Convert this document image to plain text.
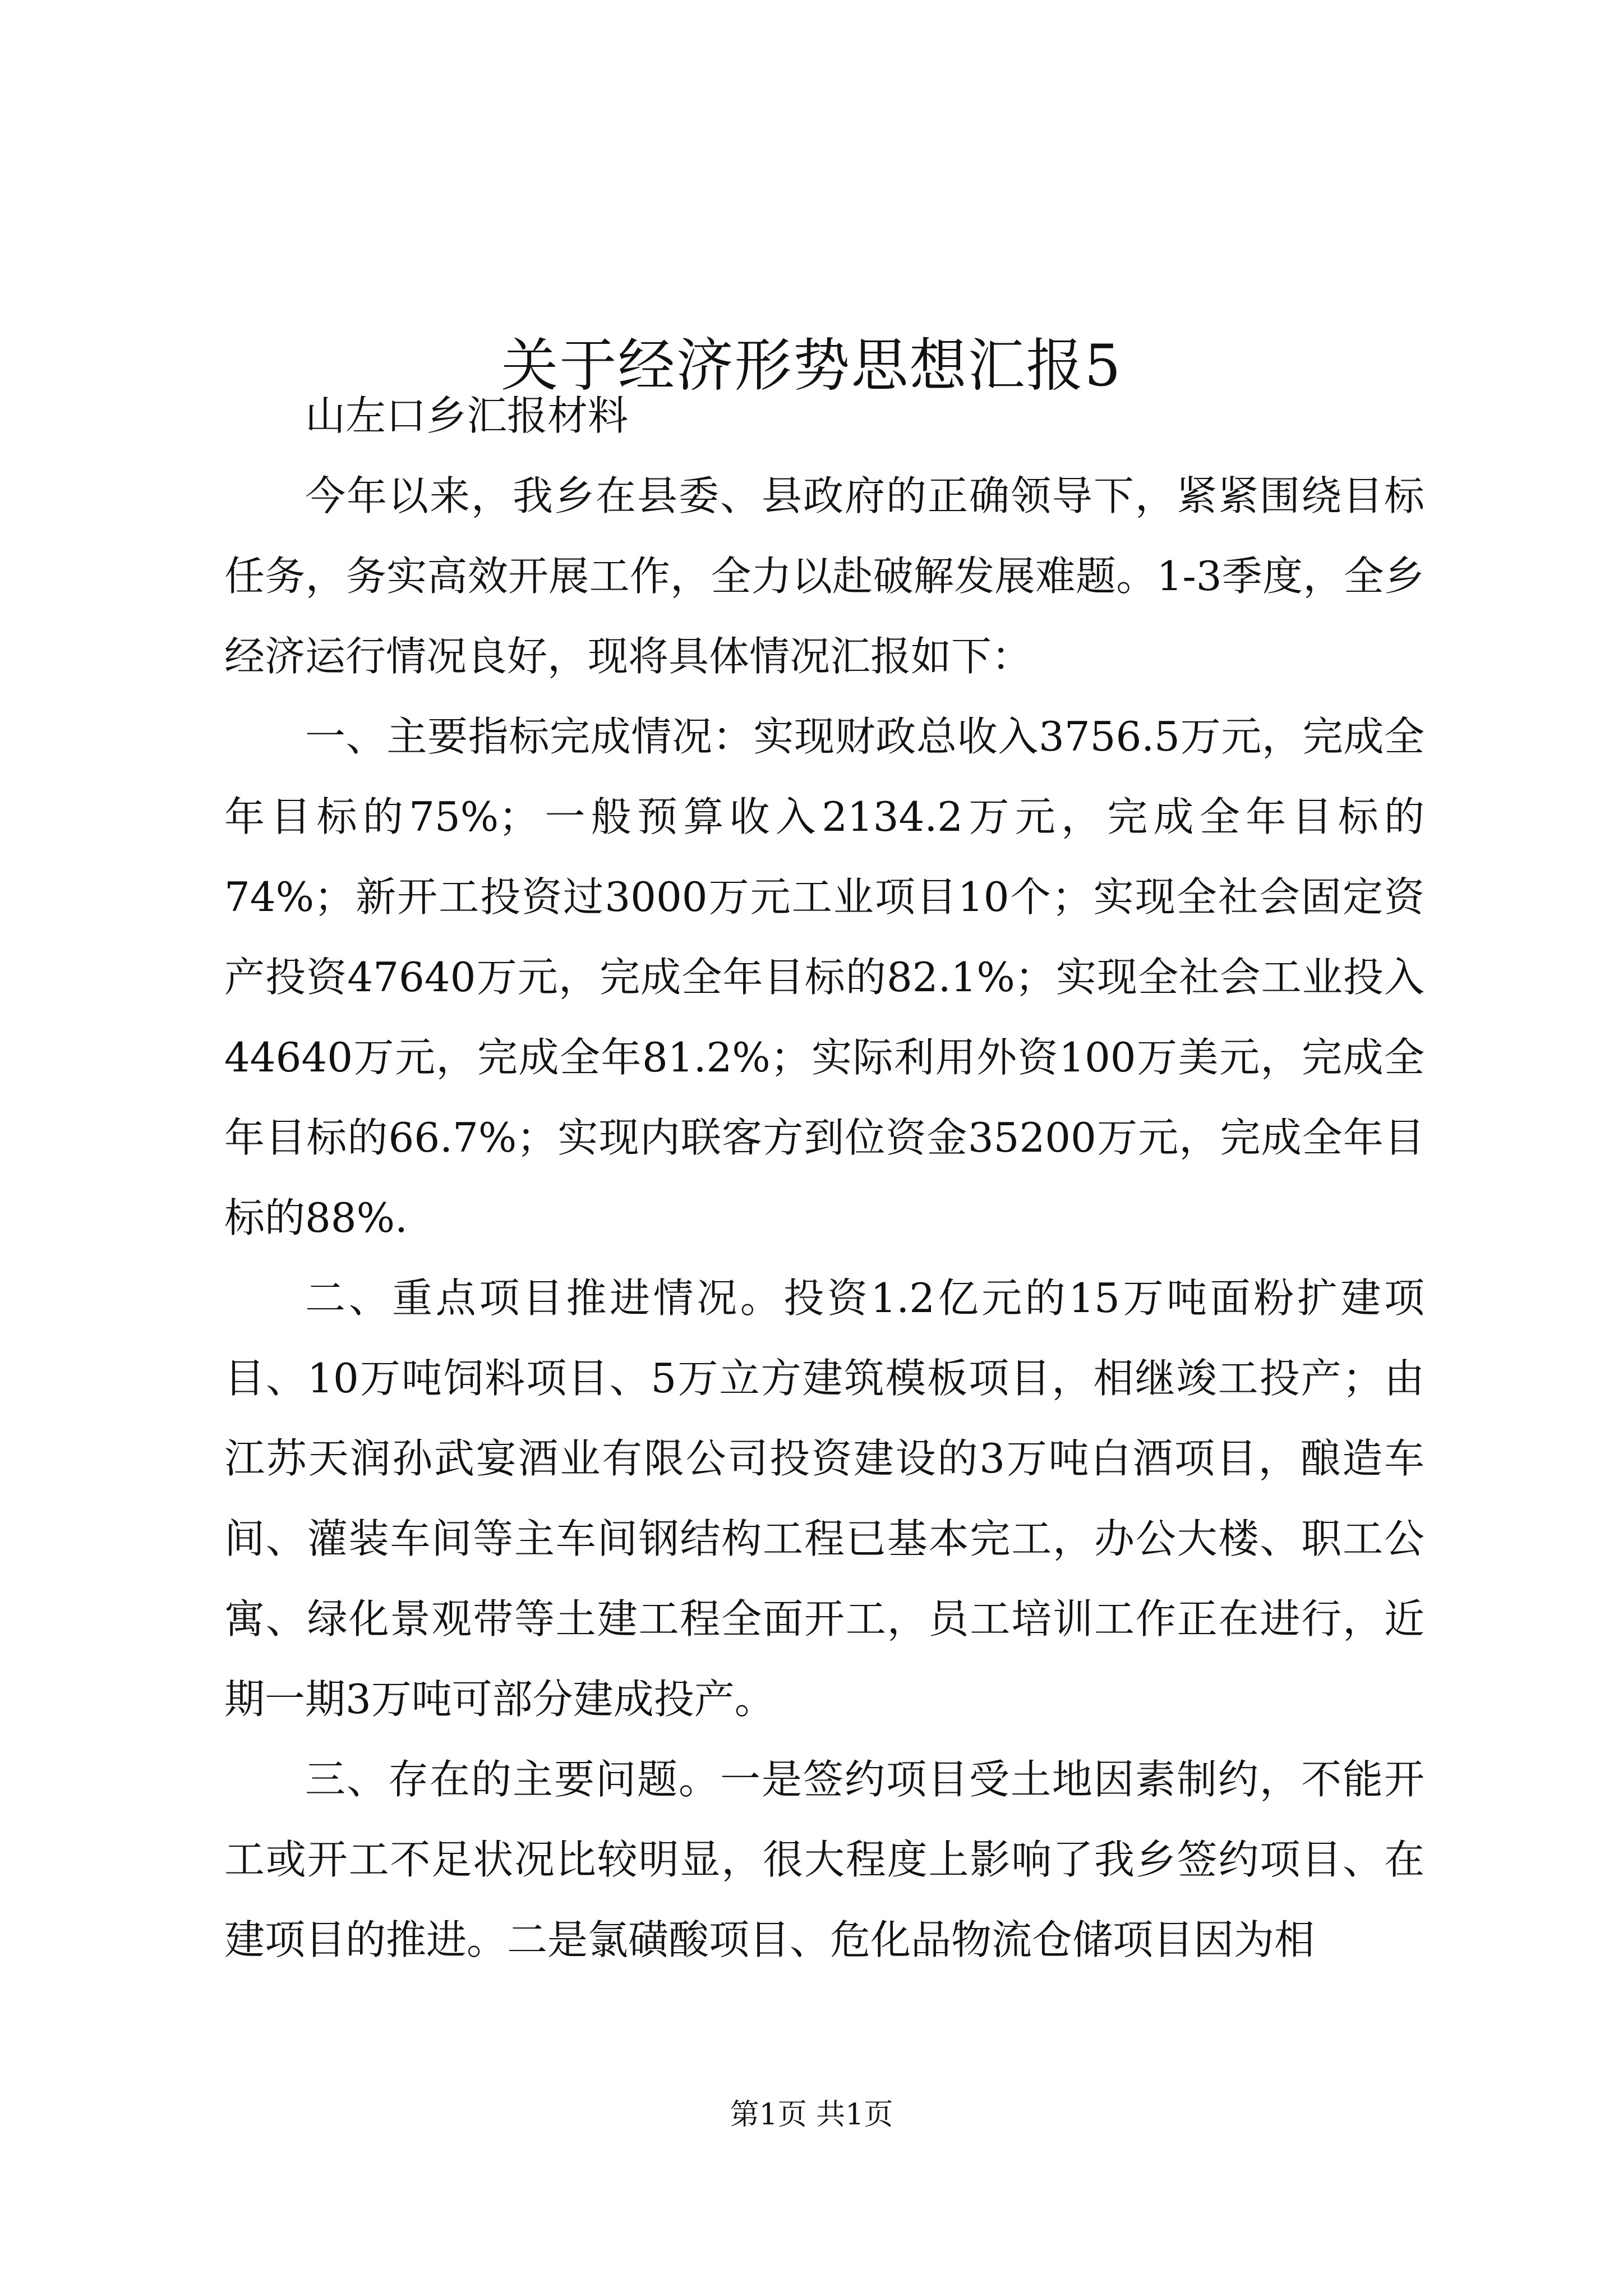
关于经济形势思想汇报5

山左口乡汇报材料

今年以来，我乡在县委、县政府的正确领导下，紧紧围绕目标任务，务实高效开展工作，全力以赴破解发展难题。1-3季度，全乡经济运行情况良好，现将具体情况汇报如下：

一、主要指标完成情况：实现财政总收入3756.5万元，完成全年目标的75%；一般预算收入2134.2万元，完成全年目标的74%；新开工投资过3000万元工业项目10个；实现全社会固定资产投资47640万元，完成全年目标的82.1%；实现全社会工业投入44640万元，完成全年81.2%；实际利用外资100万美元，完成全年目标的66.7%；实现内联客方到位资金35200万元，完成全年目标的88%.

二、重点项目推进情况。投资1.2亿元的15万吨面粉扩建项目、10万吨饲料项目、5万立方建筑模板项目，相继竣工投产；由江苏天润孙武宴酒业有限公司投资建设的3万吨白酒项目，酿造车间、灌装车间等主车间钢结构工程已基本完工，办公大楼、职工公寓、绿化景观带等土建工程全面开工，员工培训工作正在进行，近期一期3万吨可部分建成投产。

三、存在的主要问题。一是签约项目受土地因素制约，不能开工或开工不足状况比较明显，很大程度上影响了我乡签约项目、在建项目的推进。二是氯磺酸项目、危化品物流仓储项目因为相

第1页 共1页
